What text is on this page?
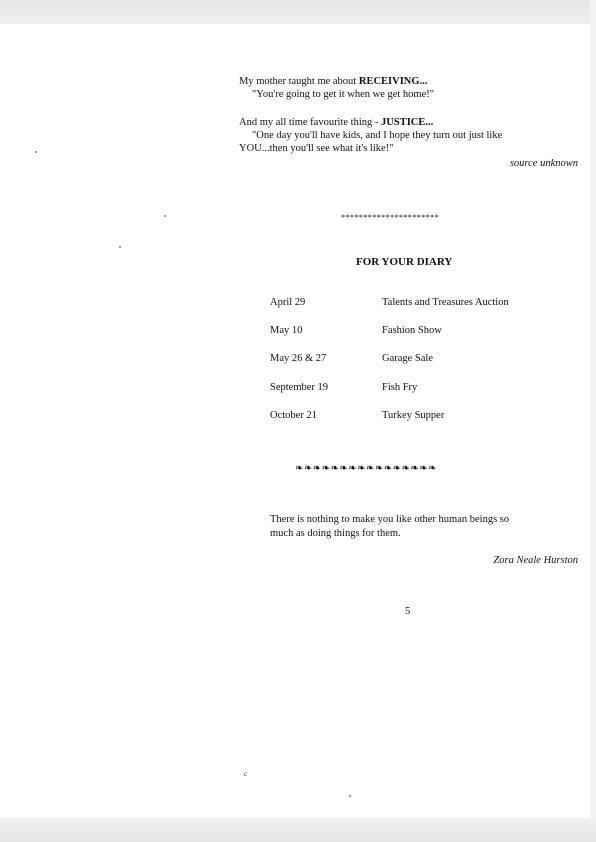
My mother taught me about RECEIVING...
"You're going to get it when we get home!"
And my all time favourite thing - JUSTICE...
"One day you'll have kids, and I hope they turn out just like
YOU...then you'll see what it's like!"
source unknown
**********************
FOR YOUR DIARY
April 29	Talents and Treasures Auction
May 10	Fashion Show
May 26 & 27	Garage Sale
September 19	Fish Fry
October 21	Turkey Supper
❧❧❧❧❧❧❧❧❧❧❧❧❧❧❧❧
There is nothing to make you like other human beings so
much as doing things for them.
Zora Neale Hurston
5
c
